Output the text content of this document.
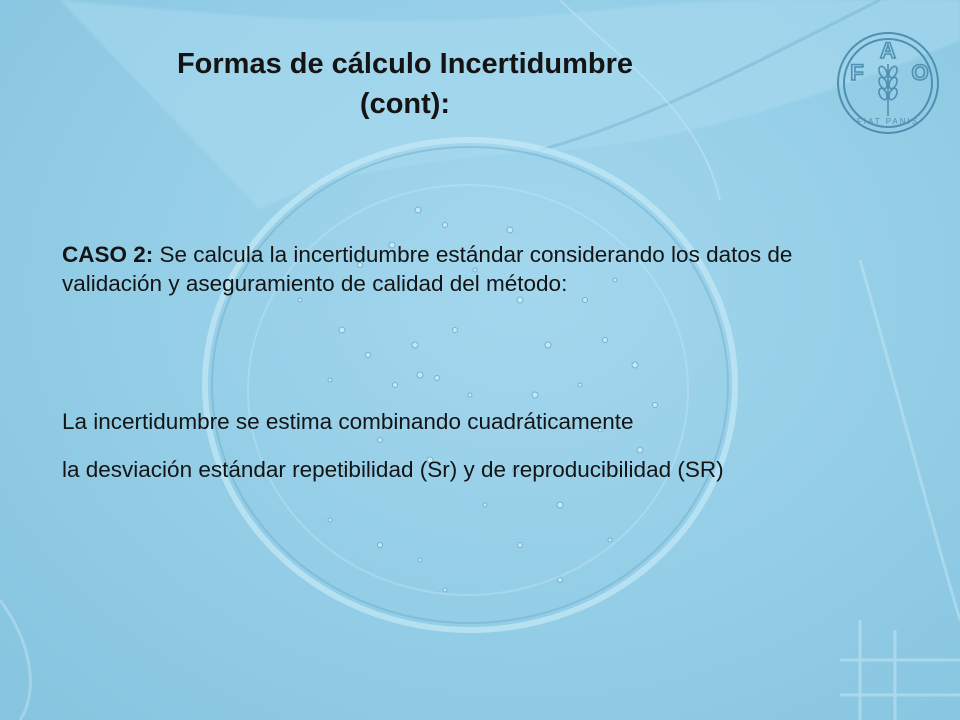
Formas de cálculo Incertidumbre
(cont):
F
A
O
FIAT PANIS
CASO 2: Se calcula la incertidumbre estándar considerando los datos de validación y aseguramiento de calidad del método:
La incertidumbre se estima combinando cuadráticamente
la desviación estándar repetibilidad (Sr) y de reproducibilidad (SR)
